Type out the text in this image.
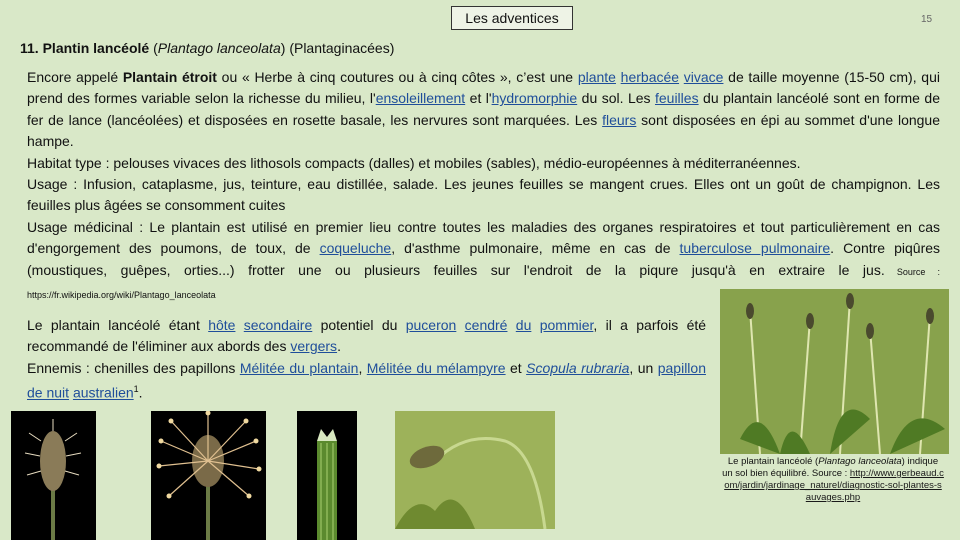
Les adventices	15
11. Plantin lancéolé (Plantago lanceolata) (Plantaginacées)

Encore appelé Plantain étroit ou « Herbe à cinq coutures ou à cinq côtes », c’est une plante herbacée vivace de taille moyenne (15-50 cm), qui prend des formes variable selon la richesse du milieu, l'ensoleillement et l'hydromorphie du sol. Les feuilles du plantain lancéolé sont en forme de fer de lance (lancéolées) et disposées en rosette basale, les nervures sont marquées. Les fleurs sont disposées en épi au sommet d'une longue hampe.

Habitat type : pelouses vivaces des lithosols compacts (dalles) et mobiles (sables), médio-européennes à méditerranéennes.

Usage : Infusion, cataplasme, jus, teinture, eau distillée, salade. Les jeunes feuilles se mangent crues. Elles ont un goût de champignon. Les feuilles plus âgées se consomment cuites

Usage médicinal : Le plantain est utilisé en premier lieu contre toutes les maladies des organes respiratoires et tout particulièrement en cas d'engorgement des poumons, de toux, de coqueluche, d'asthme pulmonaire, même en cas de tuberculose pulmonaire. Contre piqûres (moustiques, guêpes, orties...) frotter une ou plusieurs feuilles sur l'endroit de la piqure jusqu'à en extraire le jus. Source : https://fr.wikipedia.org/wiki/Plantago_lanceolata

Le plantain lancéolé étant hôte secondaire potentiel du puceron cendré du pommier, il a parfois été recommandé de l'éliminer aux abords des vergers.

Ennemis : chenilles des papillons Mélitée du plantain, Mélitée du mélampyre et Scopula rubraria, un papillon de nuit australien$^1$.

Le plantain lancéolé (Plantago lanceolata) indique un sol bien équilibré. Source : http://www.gerbeaud.com/jardin/jardinage_naturel/diagnostic-sol-plantes-sauvages.php
